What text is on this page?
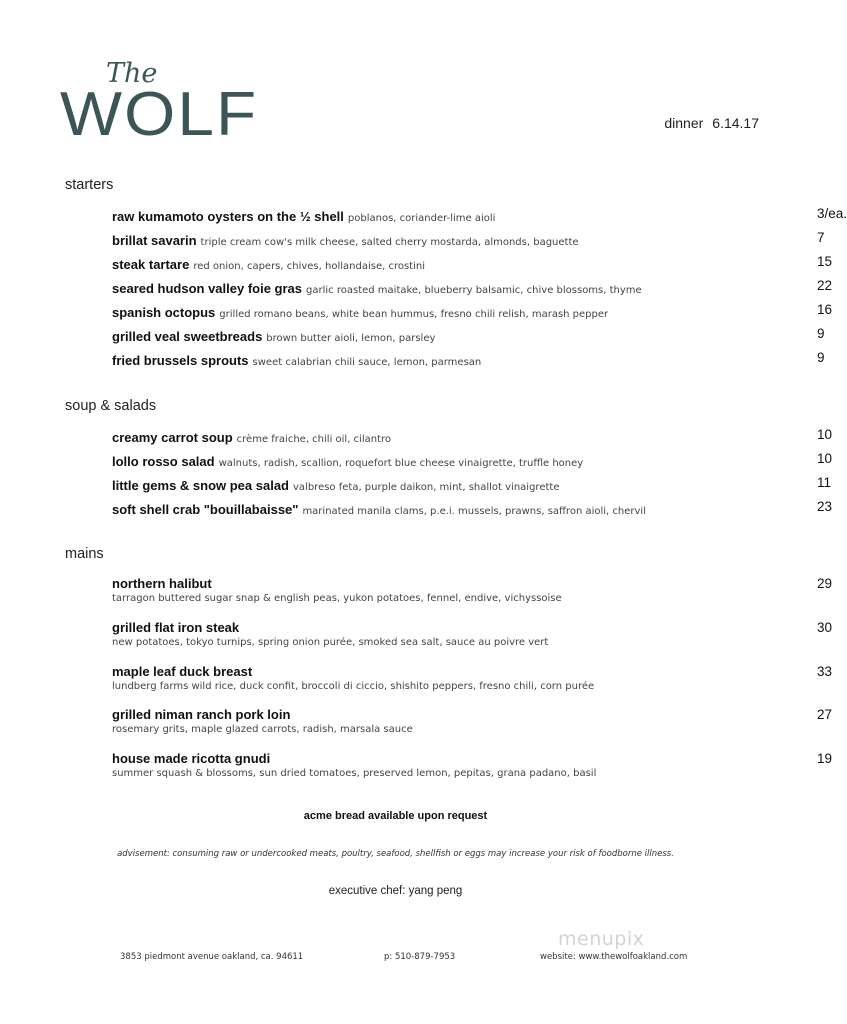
The
WOLF	dinner 6.14.17
starters
raw kumamoto oysters on the ½ shell poblanos, coriander-lime aioli	3/ea.
brillat savarin triple cream cow's milk cheese, salted cherry mostarda, almonds, baguette	7
steak tartare red onion, capers, chives, hollandaise, crostini	15
seared hudson valley foie gras garlic roasted maitake, blueberry balsamic, chive blossoms, thyme	22
spanish octopus grilled romano beans, white bean hummus, fresno chili relish, marash pepper	16
grilled veal sweetbreads brown butter aioli, lemon, parsley	9
fried brussels sprouts sweet calabrian chili sauce, lemon, parmesan	9
soup & salads
creamy carrot soup crème fraiche, chili oil, cilantro	10
lollo rosso salad walnuts, radish, scallion, roquefort blue cheese vinaigrette, truffle honey	10
little gems & snow pea salad valbreso feta, purple daikon, mint, shallot vinaigrette	11
soft shell crab "bouillabaisse" marinated manila clams, p.e.i. mussels, prawns, saffron aioli, chervil	23
mains
northern halibut
tarragon buttered sugar snap & english peas, yukon potatoes, fennel, endive, vichyssoise
29
grilled flat iron steak
new potatoes, tokyo turnips, spring onion purée, smoked sea salt, sauce au poivre vert
30
maple leaf duck breast
lundberg farms wild rice, duck confit, broccoli di ciccio, shishito peppers, fresno chili, corn purée
33
grilled niman ranch pork loin
rosemary grits, maple glazed carrots, radish, marsala sauce
27
house made ricotta gnudi
summer squash & blossoms, sun dried tomatoes, preserved lemon, pepitas, grana padano, basil
19
acme bread available upon request
advisement: consuming raw or undercooked meats, poultry, seafood, shellfish or eggs may increase your risk of foodborne illness.
executive chef: yang peng
menupix
3853 piedmont avenue oakland, ca. 94611	p: 510-879-7953	website: www.thewolfoakland.com
